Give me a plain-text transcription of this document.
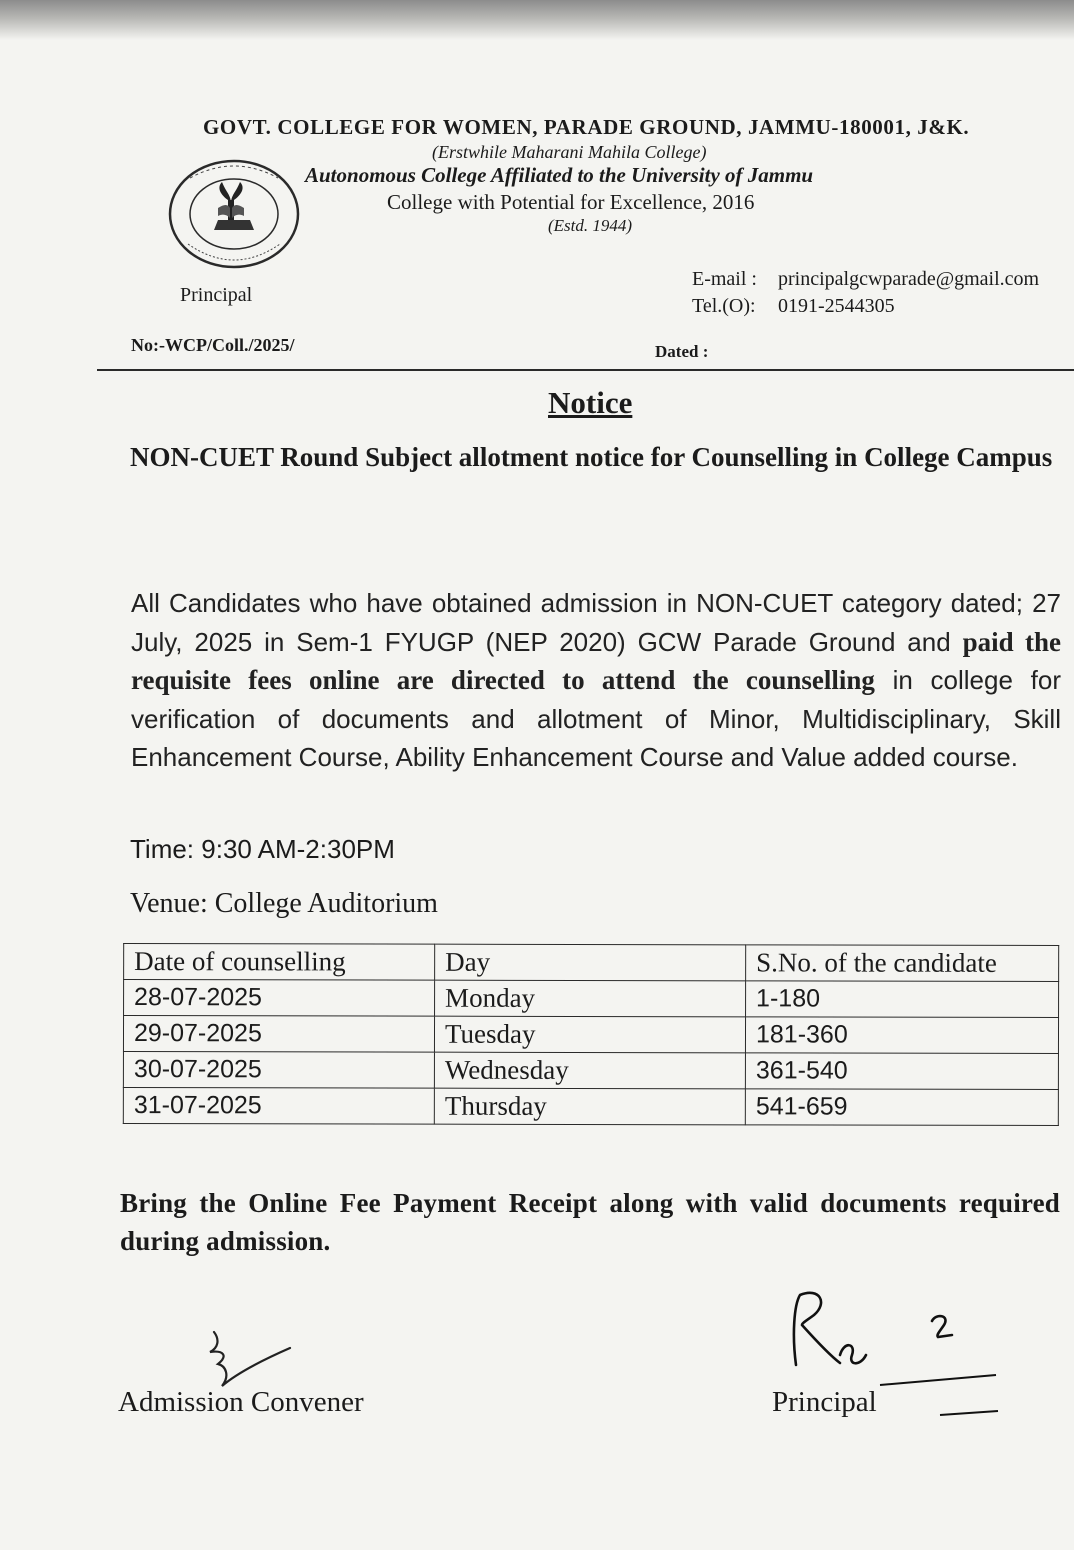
GOVT. COLLEGE FOR WOMEN, PARADE GROUND, JAMMU-180001, J&K.
(Erstwhile Maharani Mahila College)
Autonomous College Affiliated to the University of Jammu
College with Potential for Excellence, 2016
(Estd. 1944)
Principal
E-mail : principalgcwparade@gmail.com
Tel.(O): 0191-2544305
No:-WCP/Coll./2025/	Dated :
Notice
NON-CUET Round Subject allotment notice for Counselling in College Campus
All Candidates who have obtained admission in NON-CUET category dated; 27 July, 2025 in Sem-1 FYUGP (NEP 2020) GCW Parade Ground and paid the requisite fees online are directed to attend the counselling in college for verification of documents and allotment of Minor, Multidisciplinary, Skill Enhancement Course, Ability Enhancement Course and Value added course.
Time: 9:30 AM-2:30PM
Venue: College Auditorium
Date of counselling	Day	S.No. of the candidate
28-07-2025	Monday	1-180
29-07-2025	Tuesday	181-360
30-07-2025	Wednesday	361-540
31-07-2025	Thursday	541-659
Bring the Online Fee Payment Receipt along with valid documents required during admission.
Admission Convener	Principal
